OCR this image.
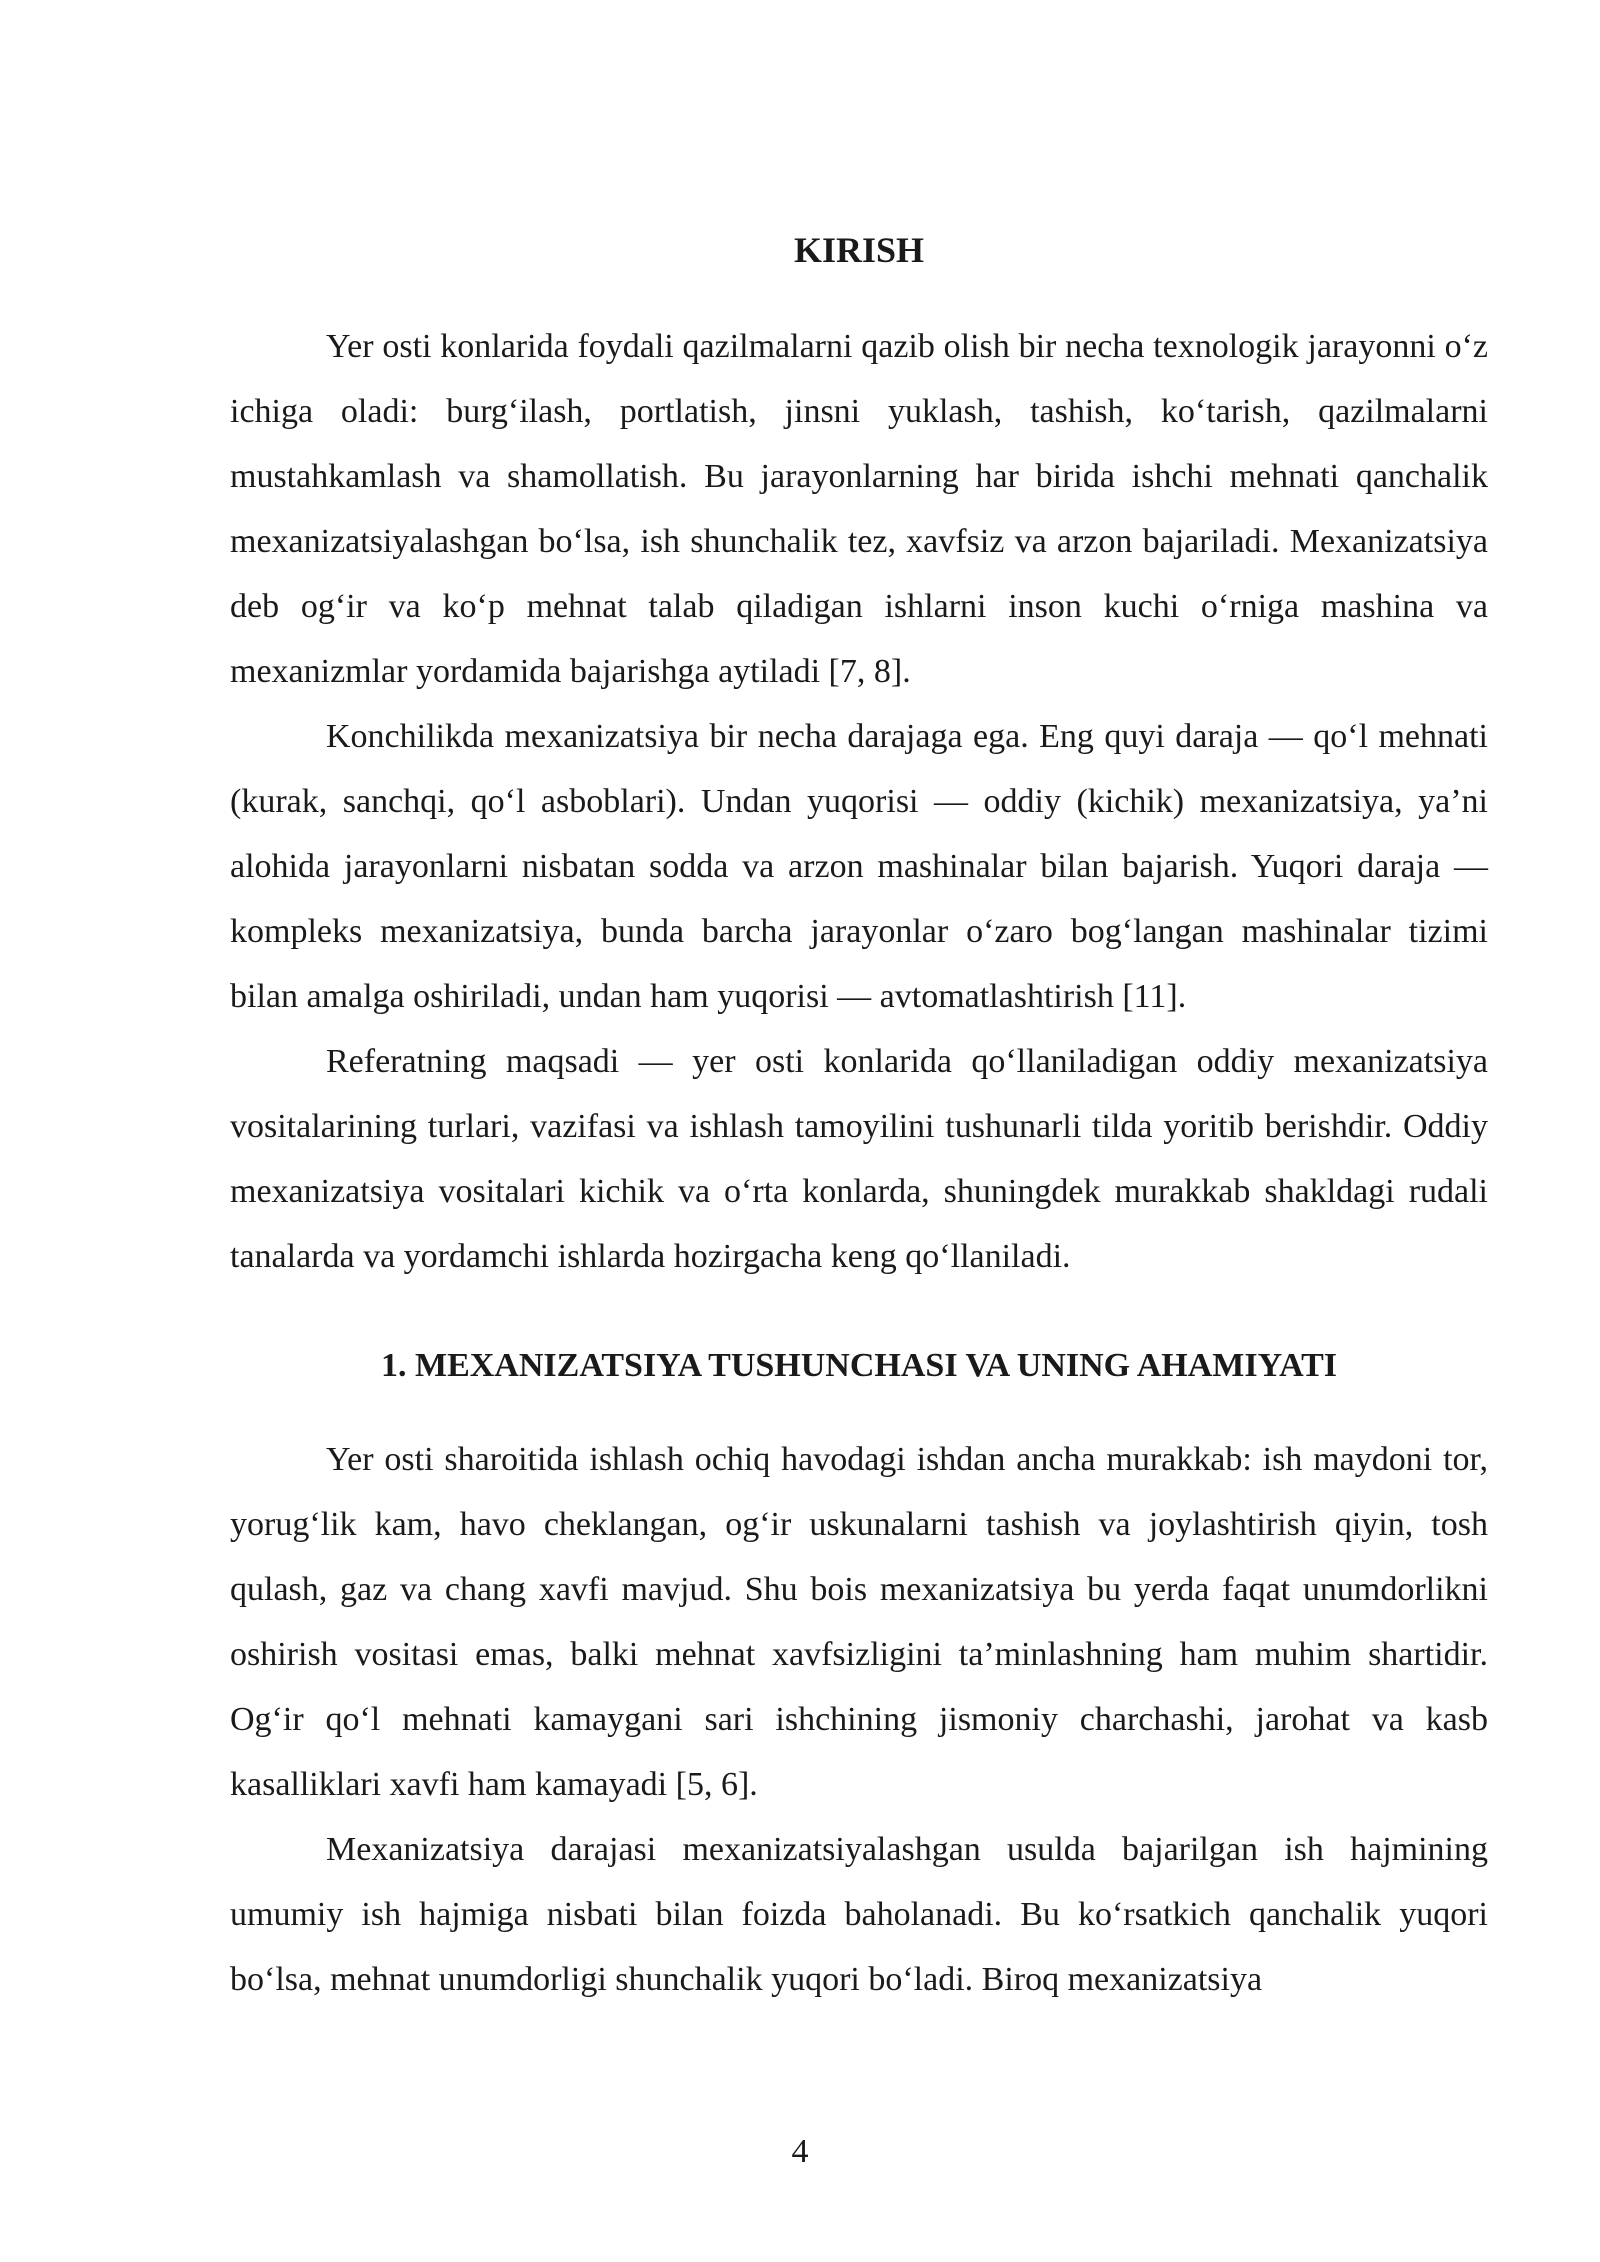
KIRISH

Yer osti konlarida foydali qazilmalarni qazib olish bir necha texnologik jarayonni o‘z ichiga oladi: burg‘ilash, portlatish, jinsni yuklash, tashish, ko‘tarish, qazilmalarni mustahkamlash va shamollatish. Bu jarayonlarning har birida ishchi mehnati qanchalik mexanizatsiyalashgan bo‘lsa, ish shunchalik tez, xavfsiz va arzon bajariladi. Mexanizatsiya deb og‘ir va ko‘p mehnat talab qiladigan ishlarni inson kuchi o‘rniga mashina va mexanizmlar yordamida bajarishga aytiladi [7, 8].

Konchilikda mexanizatsiya bir necha darajaga ega. Eng quyi daraja — qo‘l mehnati (kurak, sanchqi, qo‘l asboblari). Undan yuqorisi — oddiy (kichik) mexanizatsiya, ya’ni alohida jarayonlarni nisbatan sodda va arzon mashinalar bilan bajarish. Yuqori daraja — kompleks mexanizatsiya, bunda barcha jarayonlar o‘zaro bog‘langan mashinalar tizimi bilan amalga oshiriladi, undan ham yuqorisi — avtomatlashtirish [11].

Referatning maqsadi — yer osti konlarida qo‘llaniladigan oddiy mexanizatsiya vositalarining turlari, vazifasi va ishlash tamoyilini tushunarli tilda yoritib berishdir. Oddiy mexanizatsiya vositalari kichik va o‘rta konlarda, shuningdek murakkab shakldagi rudali tanalarda va yordamchi ishlarda hozirgacha keng qo‘llaniladi.

1. MEXANIZATSIYA TUSHUNCHASI VA UNING AHAMIYATI

Yer osti sharoitida ishlash ochiq havodagi ishdan ancha murakkab: ish maydoni tor, yorug‘lik kam, havo cheklangan, og‘ir uskunalarni tashish va joylashtirish qiyin, tosh qulash, gaz va chang xavfi mavjud. Shu bois mexanizatsiya bu yerda faqat unumdorlikni oshirish vositasi emas, balki mehnat xavfsizligini ta’minlashning ham muhim shartidir. Og‘ir qo‘l mehnati kamaygani sari ishchining jismoniy charchashi, jarohat va kasb kasalliklari xavfi ham kamayadi [5, 6].

Mexanizatsiya darajasi mexanizatsiyalashgan usulda bajarilgan ish hajmining umumiy ish hajmiga nisbati bilan foizda baholanadi. Bu ko‘rsatkich qanchalik yuqori bo‘lsa, mehnat unumdorligi shunchalik yuqori bo‘ladi. Biroq mexanizatsiya

4
